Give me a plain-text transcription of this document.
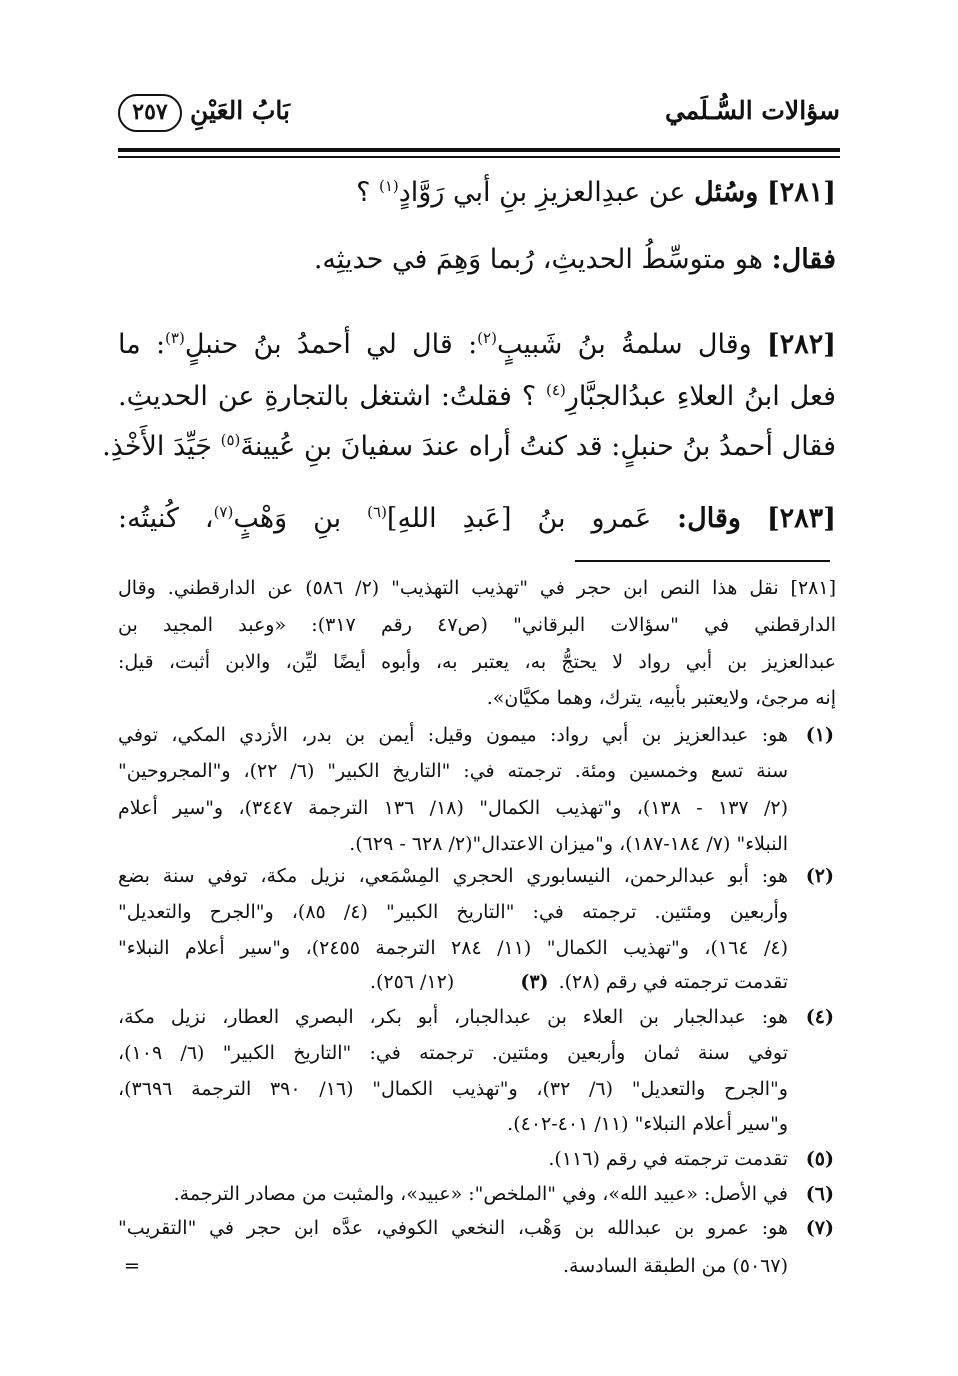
سؤالات السُّـلَمي
بَابُ العَيْنِ
٢٥٧
[٢٨١] وسُئل عن عبدِالعزيزِ بنِ أبي رَوَّادٍ$^{(١)}$ ؟
فقال: هو متوسِّطُ الحديثِ، رُبما وَهِمَ في حديثِه.
[٢٨٢] وقال سلمةُ بنُ شَبيبٍ$^{(٢)}$: قال لي أحمدُ بنُ حنبلٍ$^{(٣)}$: ما
فعل ابنُ العلاءِ عبدُالجبَّارِ$^{(٤)}$ ؟ فقلتُ: اشتغل بالتجارةِ عن الحديثِ.
فقال أحمدُ بنُ حنبلٍ: قد كنتُ أراه عندَ سفيانَ بنِ عُيينةَ$^{(٥)}$ جَيِّدَ الأَخْذِ.
[٢٨٣] وقال: عَمرو بنُ [عَبدِ اللهِ]$^{(٦)}$ بنِ وَهْبٍ$^{(٧)}$، كُنيتُه:
[٢٨١] نقل هذا النص ابن حجر في "تهذيب التهذيب" (٢/ ٥٨٦) عن الدارقطني. وقال
الدارقطني في "سؤالات البرقاني" (ص٤٧ رقم ٣١٧): «وعبد المجيد بن
عبدالعزيز بن أبي رواد لا يحتجُّ به، يعتبر به، وأبوه أيضًا ليِّن، والابن أثبت، قيل:
إنه مرجئ، ولايعتبر بأبيه، يترك، وهما مكيَّان».
(١)
هو: عبدالعزيز بن أبي رواد: ميمون وقيل: أيمن بن بدر، الأزدي المكي، توفي
سنة تسع وخمسين ومئة. ترجمته في: "التاريخ الكبير" (٦/ ٢٢)، و"المجروحين"
(٢/ ١٣٧ - ١٣٨)، و"تهذيب الكمال" (١٨/ ١٣٦ الترجمة ٣٤٤٧)، و"سير أعلام
النبلاء" (٧/ ١٨٤-١٨٧)، و"ميزان الاعتدال"(٢/ ٦٢٨ - ٦٢٩).
(٢)
هو: أبو عبدالرحمن، النيسابوري الحجري المِسْمَعي، نزيل مكة، توفي سنة بضع
وأربعين ومئتين. ترجمته في: "التاريخ الكبير" (٤/ ٨٥)، و"الجرح والتعديل"
(٤/ ١٦٤)، و"تهذيب الكمال" (١١/ ٢٨٤ الترجمة ٢٤٥٥)، و"سير أعلام النبلاء"
تقدمت ترجمته في رقم (٢٨). (٣) (١٢/ ٢٥٦).
(٤)
هو: عبدالجبار بن العلاء بن عبدالجبار، أبو بكر، البصري العطار، نزيل مكة،
توفي سنة ثمان وأربعين ومئتين. ترجمته في: "التاريخ الكبير" (٦/ ١٠٩)،
و"الجرح والتعديل" (٦/ ٣٢)، و"تهذيب الكمال" (١٦/ ٣٩٠ الترجمة ٣٦٩٦)،
و"سير أعلام النبلاء" (١١/ ٤٠١-٤٠٢).
(٥)
تقدمت ترجمته في رقم (١١٦).
(٦)
في الأصل: «عبيد الله»، وفي "الملخص": «عبيد»، والمثبت من مصادر الترجمة.
(٧)
هو: عمرو بن عبدالله بن وَهْب، النخعي الكوفي، عدَّه ابن حجر في "التقريب"
(٥٠٦٧) من الطبقة السادسة.
=
